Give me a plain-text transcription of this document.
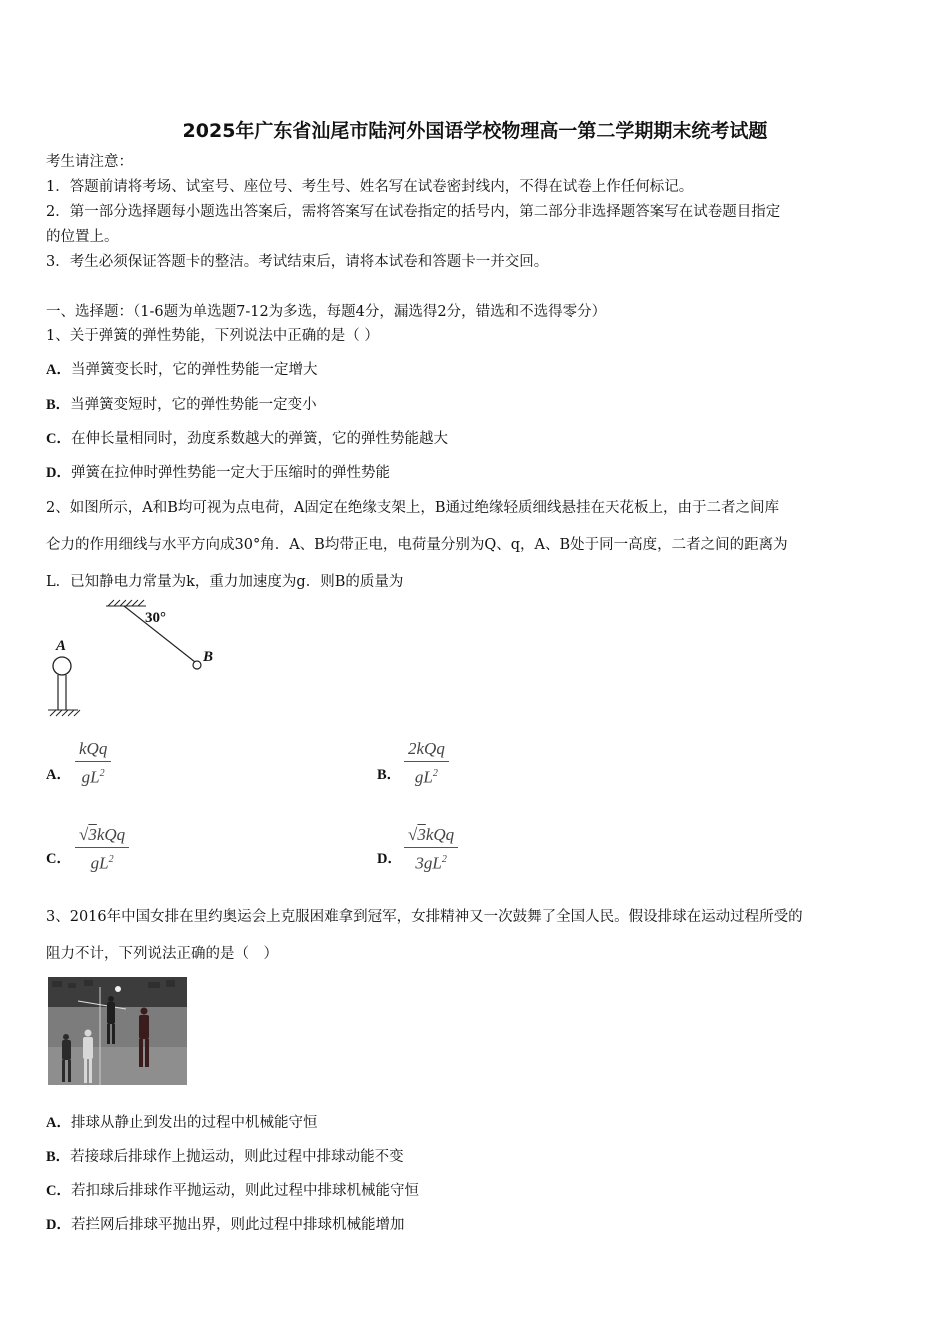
2025年广东省汕尾市陆河外国语学校物理高一第二学期期末统考试题
考生请注意：
1．答题前请将考场、试室号、座位号、考生号、姓名写在试卷密封线内，不得在试卷上作任何标记。
2．第一部分选择题每小题选出答案后，需将答案写在试卷指定的括号内，第二部分非选择题答案写在试卷题目指定
的位置上。
3．考生必须保证答题卡的整洁。考试结束后，请将本试卷和答题卡一并交回。
一、选择题：（1-6题为单选题7-12为多选，每题4分，漏选得2分，错选和不选得零分）
1、关于弹簧的弹性势能，下列说法中正确的是（ ）
A．当弹簧变长时，它的弹性势能一定增大
B．当弹簧变短时，它的弹性势能一定变小
C．在伸长量相同时，劲度系数越大的弹簧，它的弹性势能越大
D．弹簧在拉伸时弹性势能一定大于压缩时的弹性势能
2、如图所示，A和B均可视为点电荷，A固定在绝缘支架上，B通过绝缘轻质细线悬挂在天花板上，由于二者之间库
仑力的作用细线与水平方向成30°角．A、B均带正电，电荷量分别为Q、q，A、B处于同一高度，二者之间的距离为
L．已知静电力常量为k，重力加速度为g．则B的质量为
30°
B
A
A．
kQq
$gL^2$	B．
2kQq
$gL^2$
C．
√3kQq
$gL^2$	D．
√3kQq
$3gL^2$
3、2016年中国女排在里约奥运会上克服困难拿到冠军，女排精神又一次鼓舞了全国人民。假设排球在运动过程所受的
阻力不计，下列说法正确的是（　）
A．排球从静止到发出的过程中机械能守恒
B．若接球后排球作上抛运动，则此过程中排球动能不变
C．若扣球后排球作平抛运动，则此过程中排球机械能守恒
D．若拦网后排球平抛出界，则此过程中排球机械能增加
